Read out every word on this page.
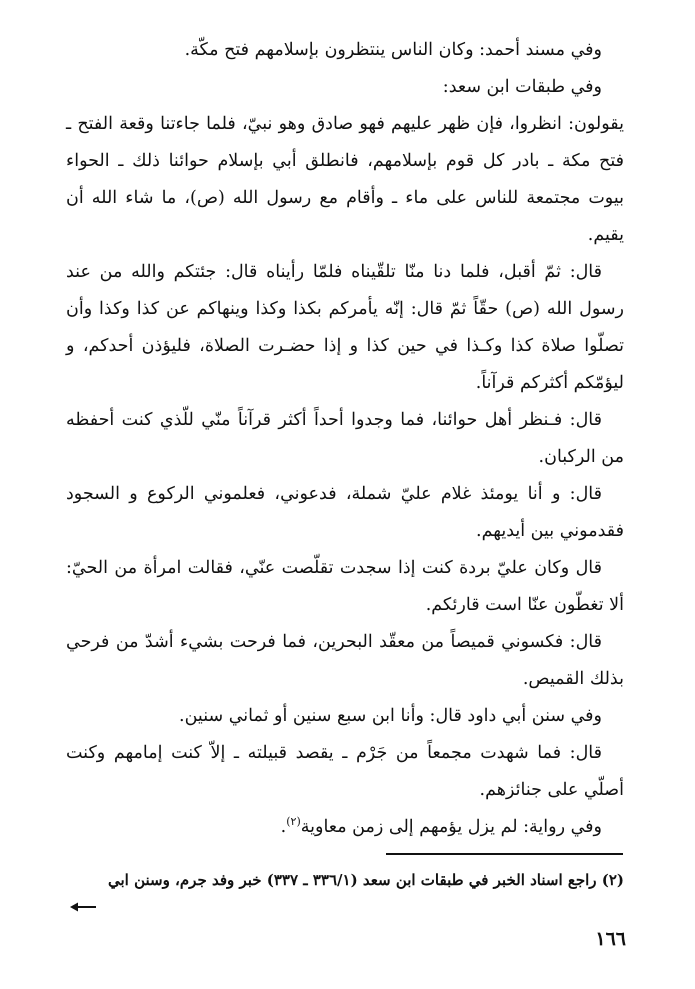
وفي مسند أحمد: وكان الناس ينتظرون بإسلامهم فتح مكّة.

وفي طبقات ابن سعد:

يقولون: انظروا، فإن ظهر عليهم فهو صادق وهو نبيّ، فلما جاءتنا وقعة الفتح ـ فتح مكة ـ بادر كل قوم بإسلامهم، فانطلق أبي بإسلام حوائنا ذلك ـ الحواء بيوت مجتمعة للناس على ماء ـ وأقام مع رسول الله (ص)، ما شاء الله أن يقيم.

قال: ثمّ أقبل، فلما دنا منّا تلقّيناه فلمّا رأيناه قال: جئتكم والله من عند رسول الله (ص) حقّاً ثمّ قال: إنّه يأمركم بكذا وكذا وينهاكم عن كذا وكذا وأن تصلّوا صلاة كذا وكـذا في حين كذا و إذا حضـرت الصلاة، فليؤذن أحدكم، و ليؤمّكم أكثركم قرآناً.

قال: فـنظر أهل حوائنا، فما وجدوا أحداً أكثر قرآناً منّي للّذي كنت أحفظه من الركبان.

قال: و أنا يومئذ غلام عليّ شملة، فدعوني، فعلموني الركوع و السجود فقدموني بين أيديهم.

قال وكان عليّ بردة كنت إذا سجدت تقلّصت عنّي، فقالت امرأة من الحيّ: ألا تغطّون عنّا است قارئكم.

قال: فكسوني قميصاً من معقّد البحرين، فما فرحت بشيء أشدّ من فرحي بذلك القميص.

وفي سنن أبي داود قال: وأنا ابن سبع سنين أو ثماني سنين.

قال: فما شهدت مجمعاً من جَرْم ـ يقصد قبيلته ـ إلاّ كنت إمامهم وكنت أصلّي على جنائزهم.

وفي رواية: لم يزل يؤمهم إلى زمن معاوية$^{(٢)}$.

(٢) راجع اسناد الخبر في طبقات ابن سعد (٣٣٦/١ ـ ٣٣٧) خبر وفد جرم، وسنن ابي
١٦٦
